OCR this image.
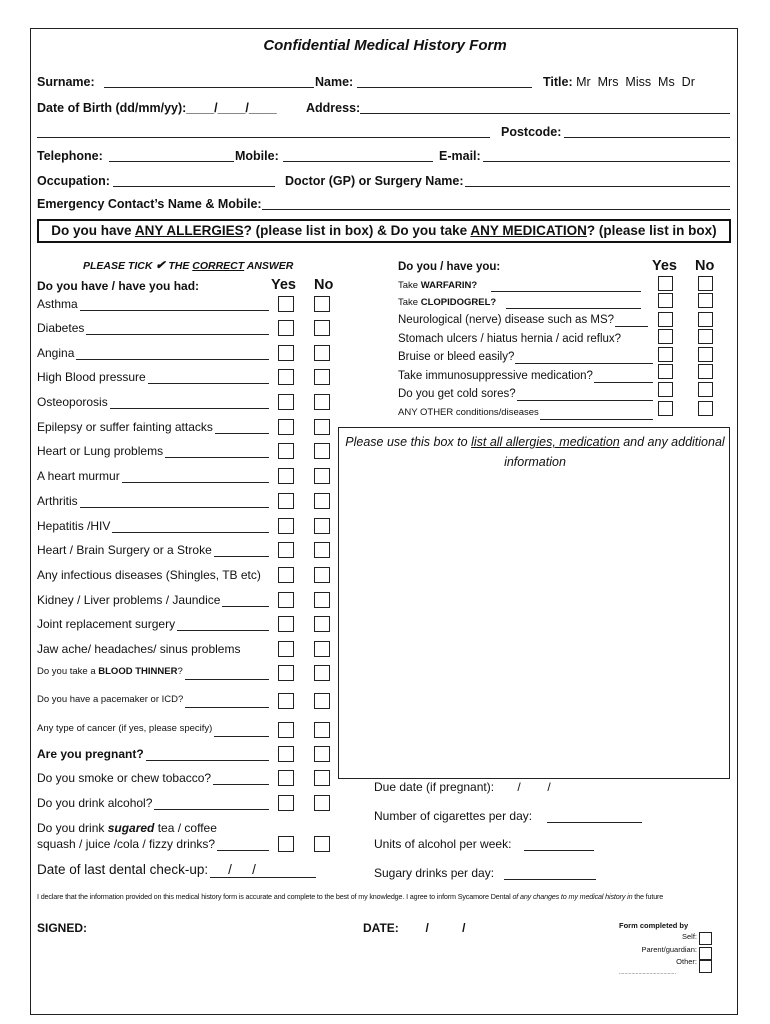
Confidential Medical History Form
Surname:	Name:	Title: Mr  Mrs  Miss  Ms  Dr
Date of Birth (dd/mm/yy):____/____/____ Address:
Postcode:
Telephone:	Mobile:	E-mail:
Occupation:	Doctor (GP) or Surgery Name:
Emergency Contact’s Name & Mobile:
Do you have ANY ALLERGIES? (please list in box) & Do you take ANY MEDICATION? (please list in box)
PLEASE TICK ✔ THE CORRECT ANSWER
Do you have / have you had:	Yes No
Asthma
Diabetes
Angina
High Blood pressure
Osteoporosis
Epilepsy or suffer fainting attacks
Heart or Lung problems
A heart murmur
Arthritis
Hepatitis /HIV
Heart / Brain Surgery or a Stroke
Any infectious diseases (Shingles, TB etc)
Kidney / Liver problems / Jaundice
Joint replacement surgery
Jaw ache/ headaches/ sinus problems
Do you take a BLOOD THINNER?
Do you have a pacemaker or ICD?
Any type of cancer (if yes, please specify)
Are you pregnant?
Do you smoke or chew tobacco?
Do you drink alcohol?
Do you drink sugared tea / coffee
squash / juice /cola / fizzy drinks?
Date of last dental check-up: / /
Do you / have you:	Yes No
Take WARFARIN?
Take CLOPIDOGREL?
Neurological (nerve) disease such as MS?
Stomach ulcers / hiatus hernia / acid reflux?
Bruise or bleed easily?
Take immunosuppressive medication?
Do you get cold sores?
ANY OTHER conditions/diseases
Please use this box to list all allergies, medication and any additional information
Due date (if pregnant):       /        /
Number of cigarettes per day:
Units of alcohol per week:
Sugary drinks per day:
I declare that the information provided on this medical history form is accurate and complete to the best of my knowledge. I agree to inform Sycamore Dental of any changes to my medical history in the future
SIGNED:	DATE:        /          /	Form completed by
Self:
Parent/guardian:
Other:
.........................................
